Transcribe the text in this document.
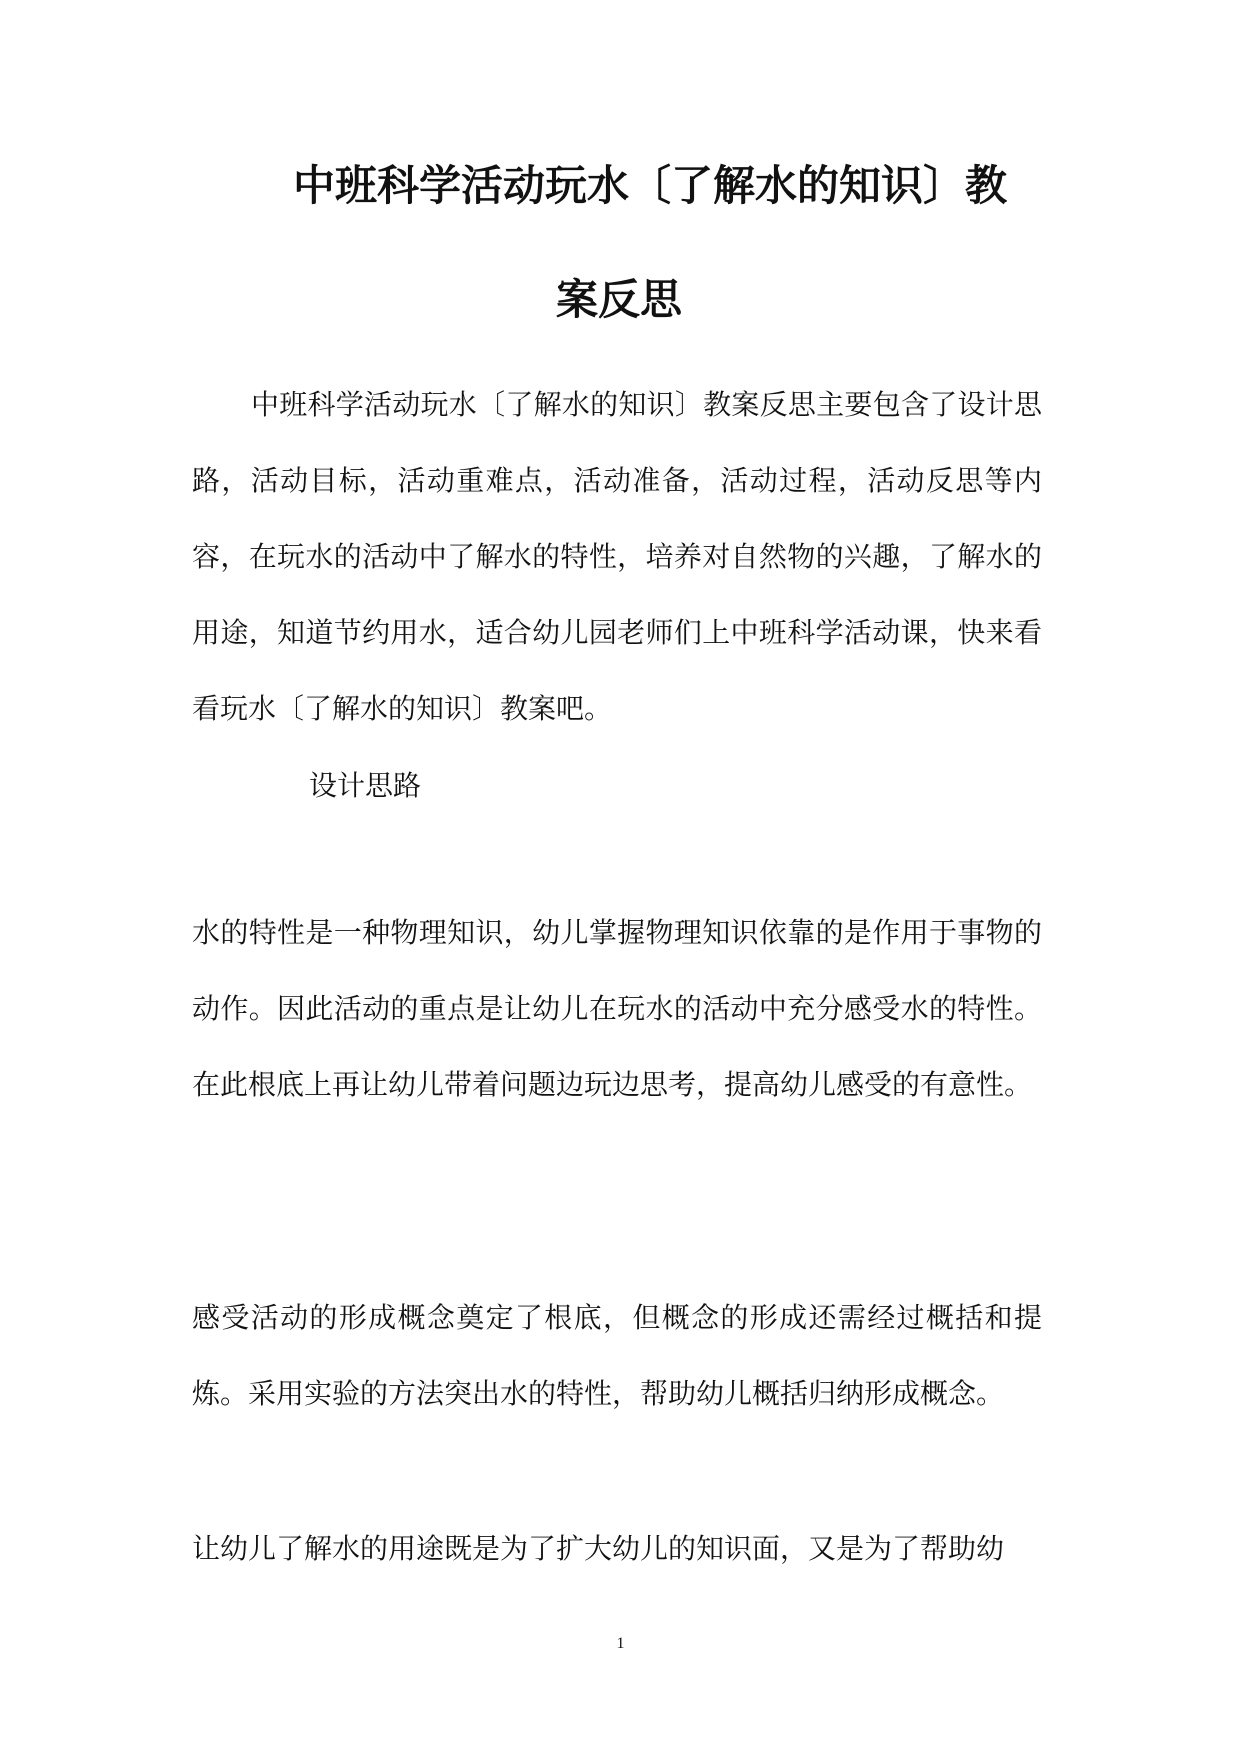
中班科学活动玩水〔了解水的知识〕教
案反思

中班科学活动玩水〔了解水的知识〕教案反思主要包含了设计思路，活动目标，活动重难点，活动准备，活动过程，活动反思等内容，在玩水的活动中了解水的特性，培养对自然物的兴趣，了解水的用途，知道节约用水，适合幼儿园老师们上中班科学活动课，快来看看玩水〔了解水的知识〕教案吧。

设计思路

水的特性是一种物理知识，幼儿掌握物理知识依靠的是作用于事物的动作。因此活动的重点是让幼儿在玩水的活动中充分感受水的特性。在此根底上再让幼儿带着问题边玩边思考，提高幼儿感受的有意性。

感受活动的形成概念奠定了根底，但概念的形成还需经过概括和提炼。采用实验的方法突出水的特性，帮助幼儿概括归纳形成概念。

让幼儿了解水的用途既是为了扩大幼儿的知识面，又是为了帮助幼

1
